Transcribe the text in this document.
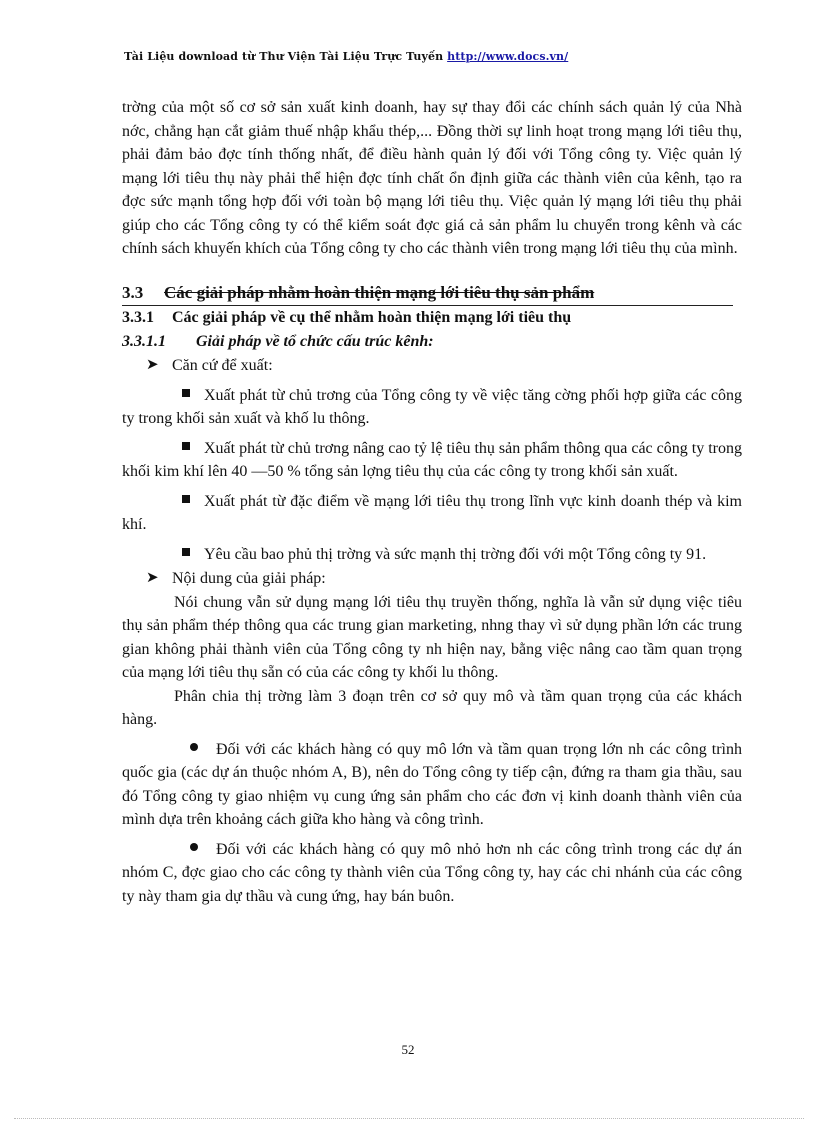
Tài Liệu download từ Thư Viện Tài Liệu Trực Tuyến http://www.docs.vn/

trờng của một số cơ sở sản xuất kinh doanh, hay sự thay đổi các chính sách quản lý của Nhà nớc, chẳng hạn cắt giảm thuế nhập khẩu thép,... Đồng thời sự linh hoạt trong mạng lới tiêu thụ, phải đảm bảo đợc tính thống nhất, để điều hành quản lý đối với Tổng công ty. Việc quản lý mạng lới tiêu thụ này phải thể hiện đợc tính chất ổn định giữa các thành viên của kênh, tạo ra đợc sức mạnh tổng hợp đối với toàn bộ mạng lới tiêu thụ. Việc quản lý mạng lới tiêu thụ phải giúp cho các Tổng công ty có thể kiểm soát đợc giá cả sản phẩm lu chuyển trong kênh và các chính sách khuyến khích của Tổng công ty cho các thành viên trong mạng lới tiêu thụ của mình.

3.3	Các giải pháp nhằm hoàn thiện mạng lới tiêu thụ sản phẩm
3.3.1	Các giải pháp về cụ thể nhằm hoàn thiện mạng lới tiêu thụ
3.3.1.1	Giải pháp về tổ chức cấu trúc kênh:
➤ Căn cứ để xuất:

Xuất phát từ chủ trơng của Tổng công ty về việc tăng cờng phối hợp giữa các công ty trong khối sản xuất và khố lu thông.

Xuất phát từ chủ trơng nâng cao tỷ lệ tiêu thụ sản phẩm thông qua các công ty trong khối kim khí lên 40 —50 % tổng sản lợng tiêu thụ của các công ty trong khối sản xuất.

Xuất phát từ đặc điểm về mạng lới tiêu thụ trong lĩnh vực kinh doanh thép và kim khí.

Yêu cầu bao phủ thị trờng và sức mạnh thị trờng đối với một Tổng công ty 91.

➤ Nội dung của giải pháp:

Nói chung vẫn sử dụng mạng lới tiêu thụ truyền thống, nghĩa là vẫn sử dụng việc tiêu thụ sản phẩm thép thông qua các trung gian marketing, nhng thay vì sử dụng phần lớn các trung gian không phải thành viên của Tổng công ty nh hiện nay, bằng việc nâng cao tầm quan trọng của mạng lới tiêu thụ sẵn có của các công ty khối lu thông.

Phân chia thị trờng làm 3 đoạn trên cơ sở quy mô và tầm quan trọng của các khách hàng.

Đối với các khách hàng có quy mô lớn và tầm quan trọng lớn nh các công trình quốc gia (các dự án thuộc nhóm A, B), nên do Tổng công ty tiếp cận, đứng ra tham gia thầu, sau đó Tổng công ty giao nhiệm vụ cung ứng sản phẩm cho các đơn vị kinh doanh thành viên của mình dựa trên khoảng cách giữa kho hàng và công trình.

Đối với các khách hàng có quy mô nhỏ hơn nh các công trình trong các dự án nhóm C, đợc giao cho các công ty thành viên của Tổng công ty, hay các chi nhánh của các công ty này tham gia dự thầu và cung ứng, hay bán buôn.

52
